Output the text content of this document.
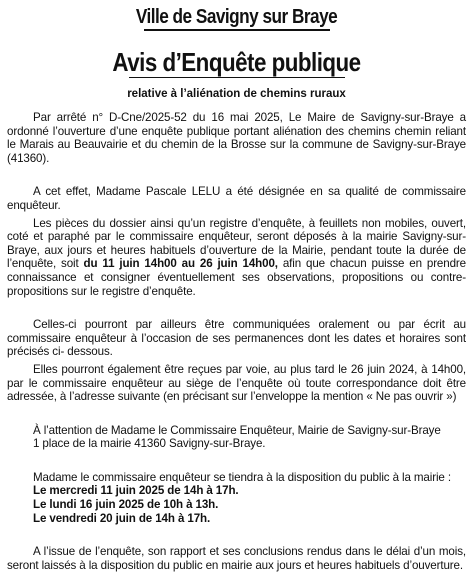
Ville de Savigny sur Braye
Avis d’Enquête publique
relative à l’aliénation de chemins ruraux

Par arrêté n° D-Cne/2025-52 du 16 mai 2025, Le Maire de Savigny-sur-Braye a ordonné l’ouverture d’une enquête publique portant aliénation des chemins chemin reliant le Marais au Beauvairie et du chemin de la Brosse sur la commune de Savigny-sur-Braye (41360).

A cet effet, Madame Pascale LELU a été désignée en sa qualité de commissaire enquêteur.

Les pièces du dossier ainsi qu’un registre d’enquête, à feuillets non mobiles, ouvert, coté et paraphé par le commissaire enquêteur, seront déposés à la mairie Savigny-sur-Braye, aux jours et heures habituels d’ouverture de la Mairie, pendant toute la durée de l’enquête, soit du 11 juin 14h00 au 26 juin 14h00, afin que chacun puisse en prendre connaissance et consigner éventuellement ses observations, propositions ou contre- propositions sur le registre d’enquête.

Celles-ci pourront par ailleurs être communiquées oralement ou par écrit au commissaire enquêteur à l’occasion de ses permanences dont les dates et horaires sont précisés ci- dessous.

Elles pourront également être reçues par voie, au plus tard le 26 juin 2024, à 14h00, par le commissaire enquêteur au siège de l’enquête où toute correspondance doit être adressée, à l’adresse suivante (en précisant sur l’enveloppe la mention « Ne pas ouvrir »)

À l’attention de Madame le Commissaire Enquêteur, Mairie de Savigny-sur-Braye
1 place de la mairie 41360 Savigny-sur-Braye.
Madame le commissaire enquêteur se tiendra à la disposition du public à la mairie :
Le mercredi 11 juin 2025 de 14h à 17h.
Le lundi 16 juin 2025 de 10h à 13h.
Le vendredi 20 juin de 14h à 17h.

A l’issue de l’enquête, son rapport et ses conclusions rendus dans le délai d’un mois, seront laissés à la disposition du public en mairie aux jours et heures habituels d’ouverture.
